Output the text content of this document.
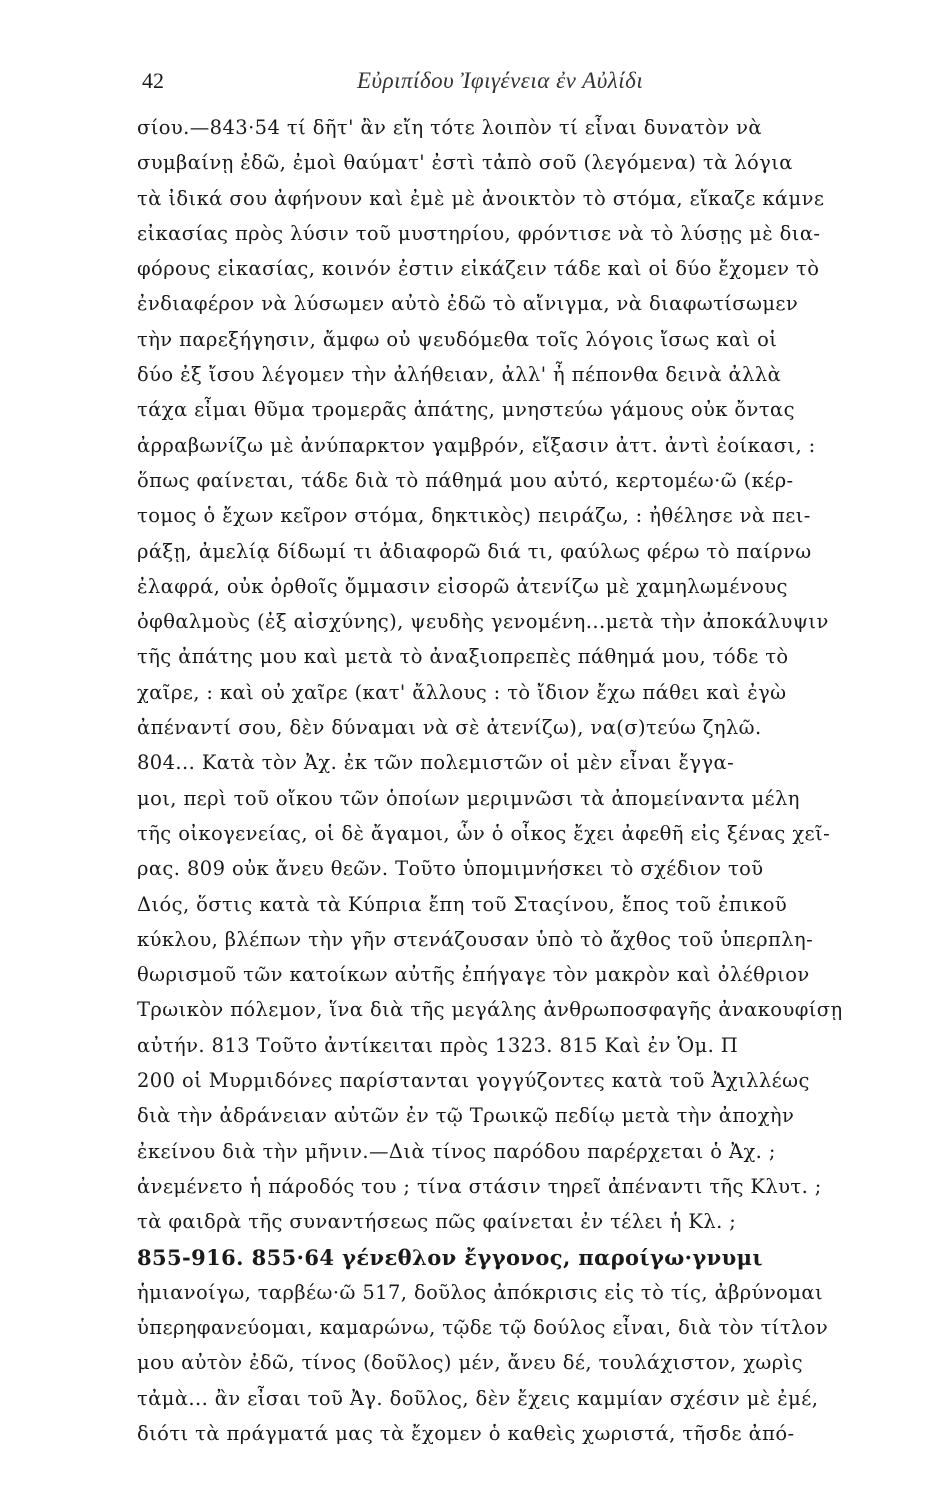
42	Εὐριπίδου Ἰφιγένεια ἐν Αὐλίδι
σίου.—843·54 τί δῆτ' ἂν εἴη τότε λοιπὸν τί εἶναι δυνατὸν νὰ
συμβαίνῃ ἐδῶ, ἐμοὶ θαύματ' ἐστὶ τἀπὸ σοῦ (λεγόμενα) τὰ λόγια
τὰ ἰδικά σου ἀφήνουν καὶ ἐμὲ μὲ ἀνοικτὸν τὸ στόμα, εἴκαζε κάμνε
εἰκασίας πρὸς λύσιν τοῦ μυστηρίου, φρόντισε νὰ τὸ λύσῃς μὲ δια-
φόρους εἰκασίας, κοινόν ἐστιν εἰκάζειν τάδε καὶ οἱ δύο ἔχομεν τὸ
ἐνδιαφέρον νὰ λύσωμεν αὐτὸ ἐδῶ τὸ αἴνιγμα, νὰ διαφωτίσωμεν
τὴν παρεξήγησιν, ἄμφω οὐ ψευδόμεθα τοῖς λόγοις ἴσως καὶ οἱ
δύο ἐξ ἴσου λέγομεν τὴν ἀλήθειαν, ἀλλ' ἦ πέπονθα δεινὰ ἀλλὰ
τάχα εἶμαι θῦμα τρομερᾶς ἀπάτης, μνηστεύω γάμους οὐκ ὄντας
ἀρραβωνίζω μὲ ἀνύπαρκτον γαμβρόν, εἴξασιν ἀττ. ἀντὶ ἐοίκασι, :
ὅπως φαίνεται, τάδε διὰ τὸ πάθημά μου αὐτό, κερτομέω·ῶ (κέρ-
τομος ὁ ἔχων κεῖρον στόμα, δηκτικὸς) πειράζω, : ἠθέλησε νὰ πει-
ράξῃ, ἀμελίᾳ δίδωμί τι ἀδιαφορῶ διά τι, φαύλως φέρω τὸ παίρνω
ἐλαφρά, οὐκ ὀρθοῖς ὄμμασιν εἰσορῶ ἀτενίζω μὲ χαμηλωμένους
ὀφθαλμοὺς (ἐξ αἰσχύνης), ψευδὴς γενομένη...μετὰ τὴν ἀποκάλυψιν
τῆς ἀπάτης μου καὶ μετὰ τὸ ἀναξιοπρεπὲς πάθημά μου, τόδε τὸ
χαῖρε, : καὶ οὐ χαῖρε (κατ' ἄλλους : τὸ ἴδιον ἔχω πάθει καὶ ἐγὼ
ἀπέναντί σου, δὲν δύναμαι νὰ σὲ ἀτενίζω), να(σ)τεύω ζηλῶ.
804... Κατὰ τὸν Ἀχ. ἐκ τῶν πολεμιστῶν οἱ μὲν εἶναι ἔγγα-
μοι, περὶ τοῦ οἴκου τῶν ὁποίων μεριμνῶσι τὰ ἀπομείναντα μέλη
τῆς οἰκογενείας, οἱ δὲ ἄγαμοι, ὧν ὁ οἶκος ἔχει ἀφεθῆ εἰς ξένας χεῖ-
ρας. 809 οὐκ ἄνευ θεῶν. Τοῦτο ὑπομιμνήσκει τὸ σχέδιον τοῦ
Διός, ὅστις κατὰ τὰ Κύπρια ἔπη τοῦ Σταςίνου, ἔπος τοῦ ἐπικοῦ
κύκλου, βλέπων τὴν γῆν στενάζουσαν ὑπὸ τὸ ἄχθος τοῦ ὑπερπλη-
θωρισμοῦ τῶν κατοίκων αὐτῆς ἐπήγαγε τὸν μακρὸν καὶ ὀλέθριον
Τρωικὸν πόλεμον, ἵνα διὰ τῆς μεγάλης ἀνθρωποσφαγῆς ἀνακουφίσῃ
αὐτήν. 813 Τοῦτο ἀντίκειται πρὸς 1323. 815 Καὶ ἐν Ὁμ. Π
200 οἱ Μυρμιδόνες παρίστανται γογγύζοντες κατὰ τοῦ Ἀχιλλέως
διὰ τὴν ἀδράνειαν αὐτῶν ἐν τῷ Τρωικῷ πεδίῳ μετὰ τὴν ἀποχὴν
ἐκείνου διὰ τὴν μῆνιν.—Διὰ τίνος παρόδου παρέρχεται ὁ Ἀχ. ;
ἀνεμένετο ἡ πάροδός του ; τίνα στάσιν τηρεῖ ἀπέναντι τῆς Κλυτ. ;
τὰ φαιδρὰ τῆς συναντήσεως πῶς φαίνεται ἐν τέλει ἡ Κλ. ;
855-916. 855·64 γένεθλον ἔγγονος, παροίγω·γνυμι
ἡμιανοίγω, ταρβέω·ῶ 517, δοῦλος ἀπόκρισις εἰς τὸ τίς, ἀβρύνομαι
ὑπερηφανεύομαι, καμαρώνω, τῷδε τῷ δούλος εἶναι, διὰ τὸν τίτλον
μου αὐτὸν ἐδῶ, τίνος (δοῦλος) μέν, ἄνευ δέ, τουλάχιστον, χωρὶς
τἀμὰ... ἂν εἶσαι τοῦ Ἀγ. δοῦλος, δὲν ἔχεις καμμίαν σχέσιν μὲ ἐμέ,
διότι τὰ πράγματά μας τὰ ἔχομεν ὁ καθεὶς χωριστά, τῆσδε ἀπό-
